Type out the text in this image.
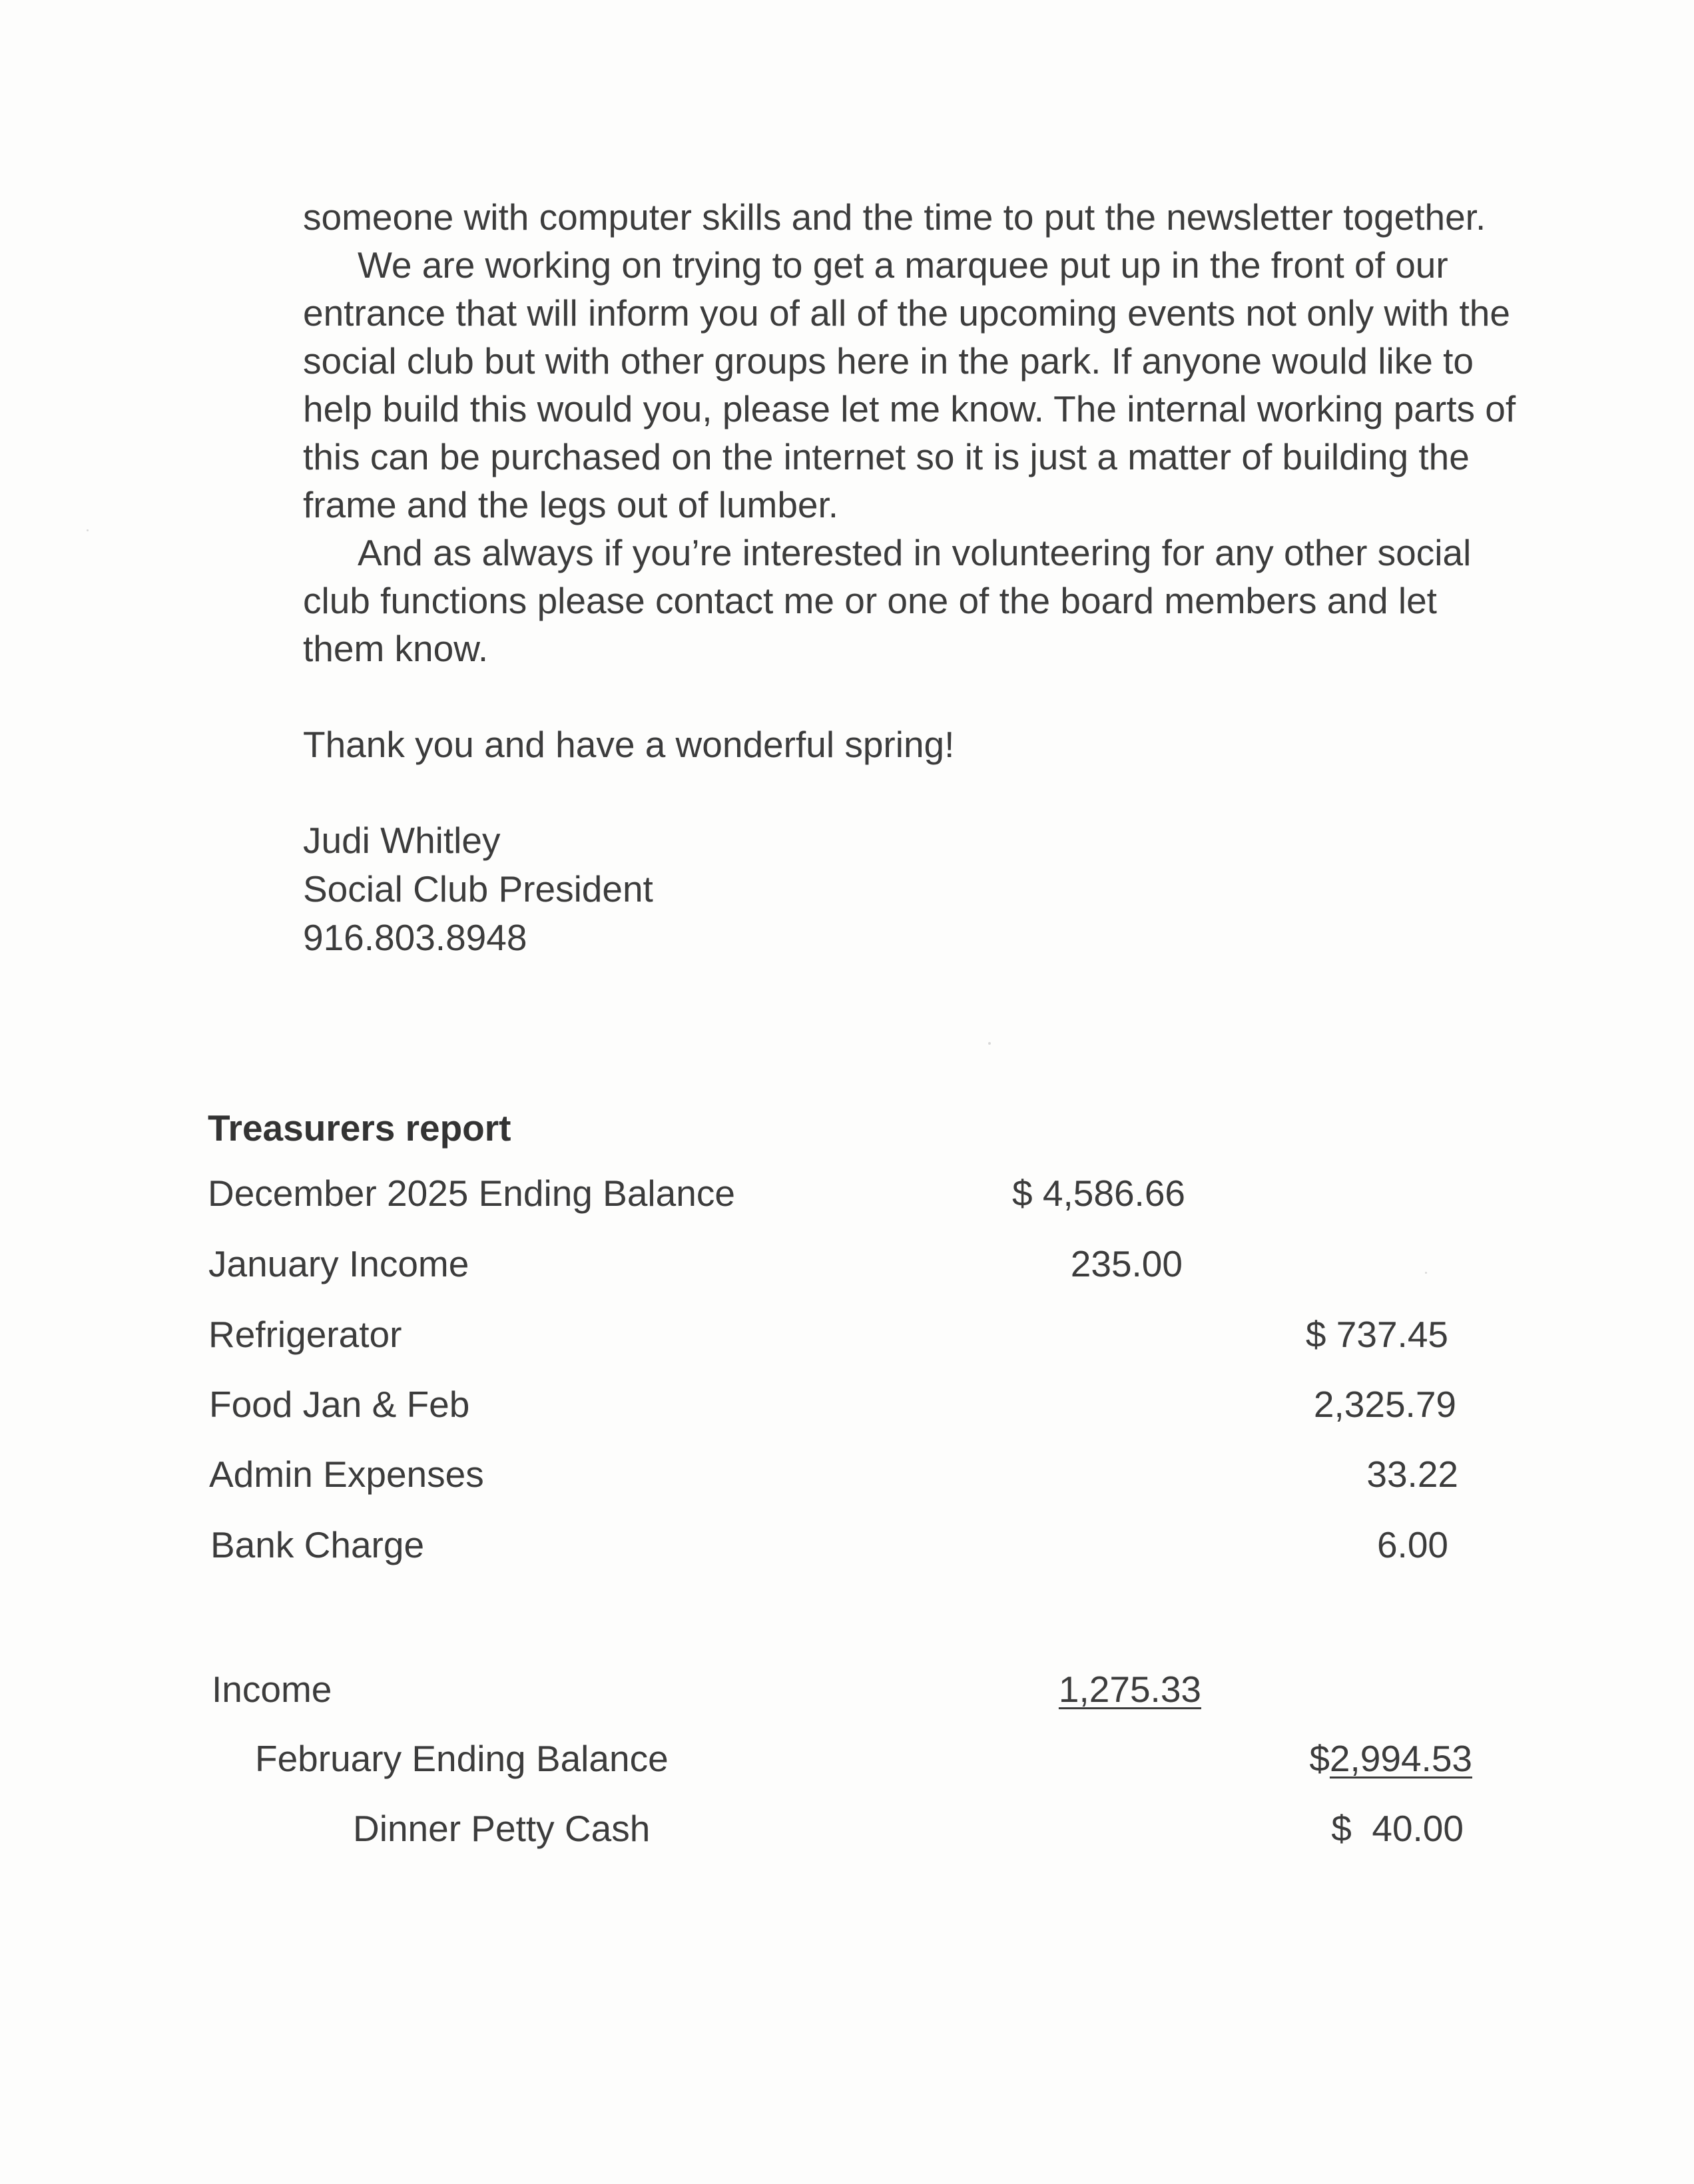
someone with computer skills and the time to put the newsletter together.

We are working on trying to get a marquee put up in the front of our entrance that will inform you of all of the upcoming events not only with the social club but with other groups here in the park. If anyone would like to help build this would you, please let me know. The internal working parts of this can be purchased on the internet so it is just a matter of building the frame and the legs out of lumber.

And as always if you’re interested in volunteering for any other social club functions please contact me or one of the board members and let them know.

Thank you and have a wonderful spring!

Judi Whitley
Social Club President
916.803.8948
Treasurers report
December 2025 Ending Balance	$ 4,586.66
January Income	235.00
Refrigerator	$ 737.45
Food Jan & Feb	2,325.79
Admin Expenses	33.22
Bank Charge	6.00
Income	1,275.33
February Ending Balance	$2,994.53
Dinner Petty Cash	$  40.00
